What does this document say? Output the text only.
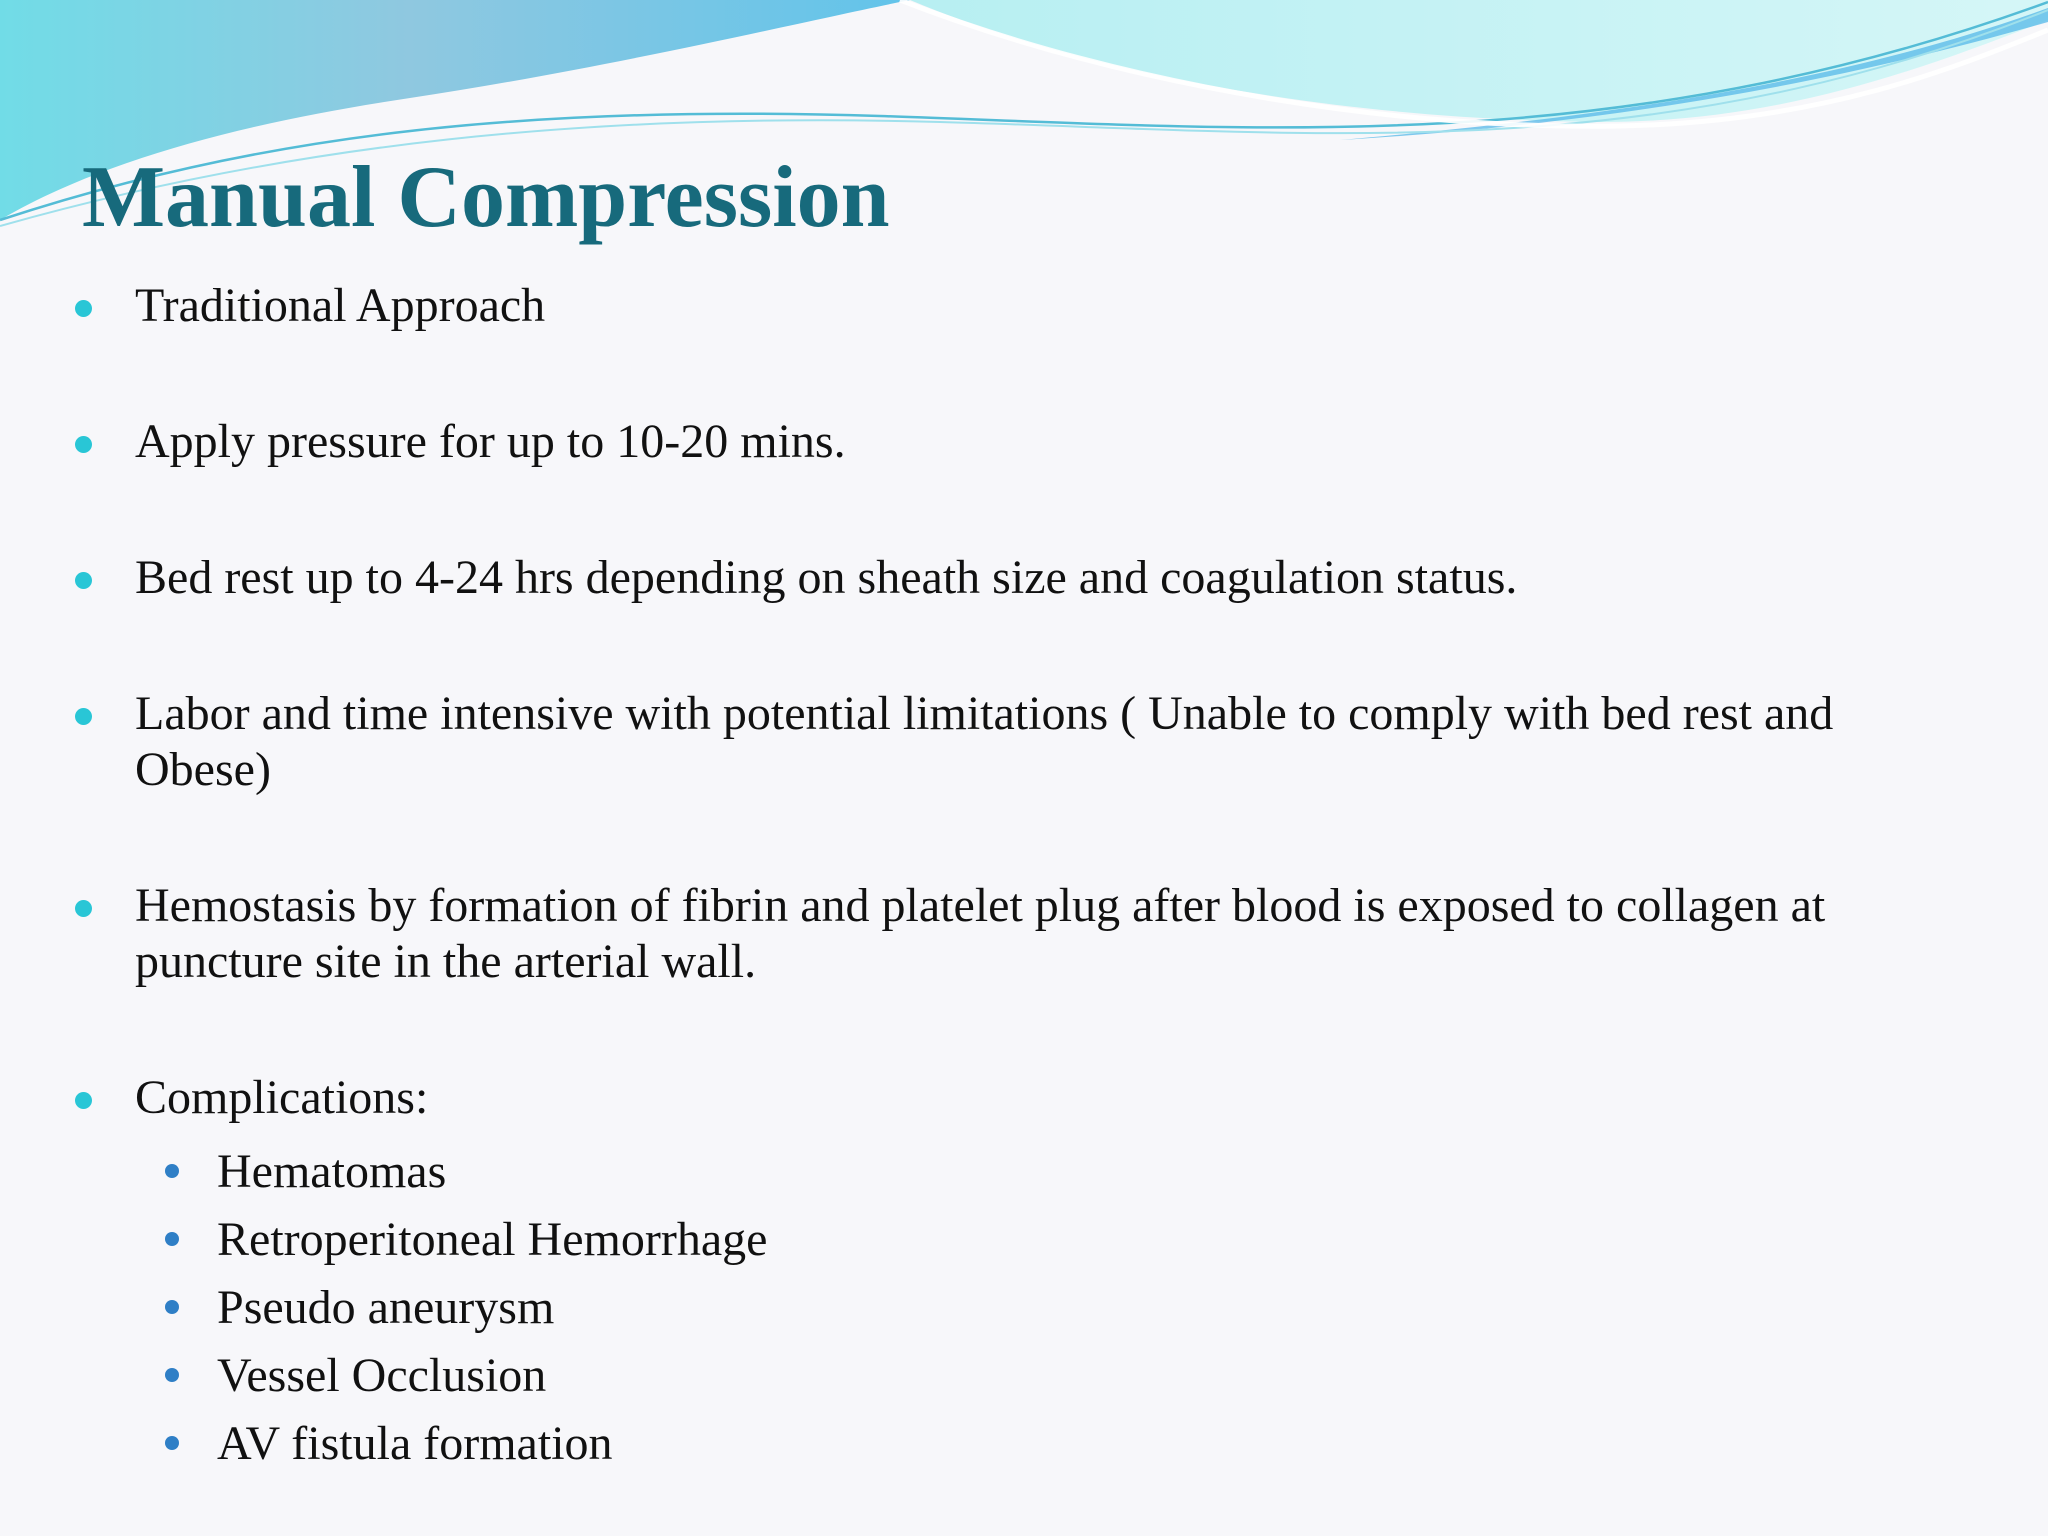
Manual Compression
Traditional Approach
Apply pressure for up to 10-20 mins.
Bed rest up to 4-24 hrs depending on sheath size and coagulation status.
Labor and time intensive with potential limitations ( Unable to comply with bed rest and Obese)
Hemostasis by formation of fibrin and platelet plug after blood is exposed to collagen at puncture site in the arterial wall.
Complications:
Hematomas
Retroperitoneal Hemorrhage
Pseudo aneurysm
Vessel Occlusion
AV fistula formation
